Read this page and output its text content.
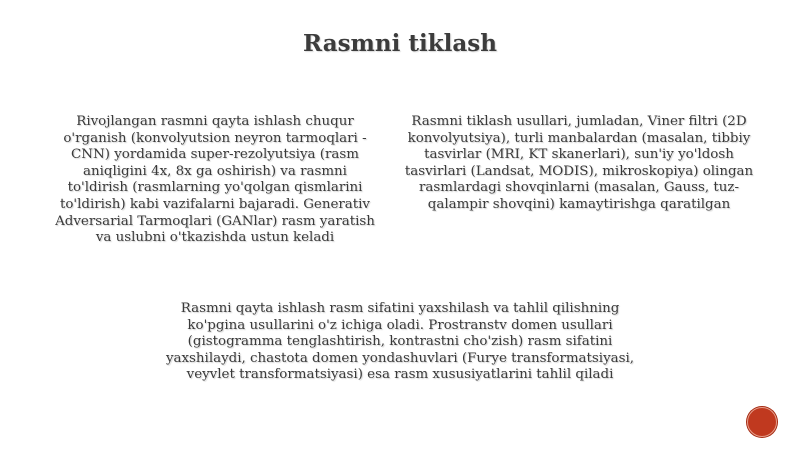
Rasmni tiklash
Rivojlangan rasmni qayta ishlash chuqur o'rganish (konvolyutsion neyron tarmoqlari - CNN) yordamida super-rezolyutsiya (rasm aniqligini 4x, 8x ga oshirish) va rasmni to'ldirish (rasmlarning yo'qolgan qismlarini to'ldirish) kabi vazifalarni bajaradi. Generativ Adversarial Tarmoqlari (GANlar) rasm yaratish va uslubni o'tkazishda ustun keladi
Rasmni tiklash usullari, jumladan, Viner filtri (2D konvolyutsiya), turli manbalardan (masalan, tibbiy tasvirlar (MRI, KT skanerlari), sun'iy yo'ldosh tasvirlari (Landsat, MODIS), mikroskopiya) olingan rasmlardagi shovqinlarni (masalan, Gauss, tuz-qalampir shovqini) kamaytirishga qaratilgan
Rasmni qayta ishlash rasm sifatini yaxshilash va tahlil qilishning ko'pgina usullarini o'z ichiga oladi. Prostranstv domen usullari (gistogramma tenglashtirish, kontrastni cho'zish) rasm sifatini yaxshilaydi, chastota domen yondashuvlari (Furye transformatsiyasi, veyvlet transformatsiyasi) esa rasm xususiyatlarini tahlil qiladi
